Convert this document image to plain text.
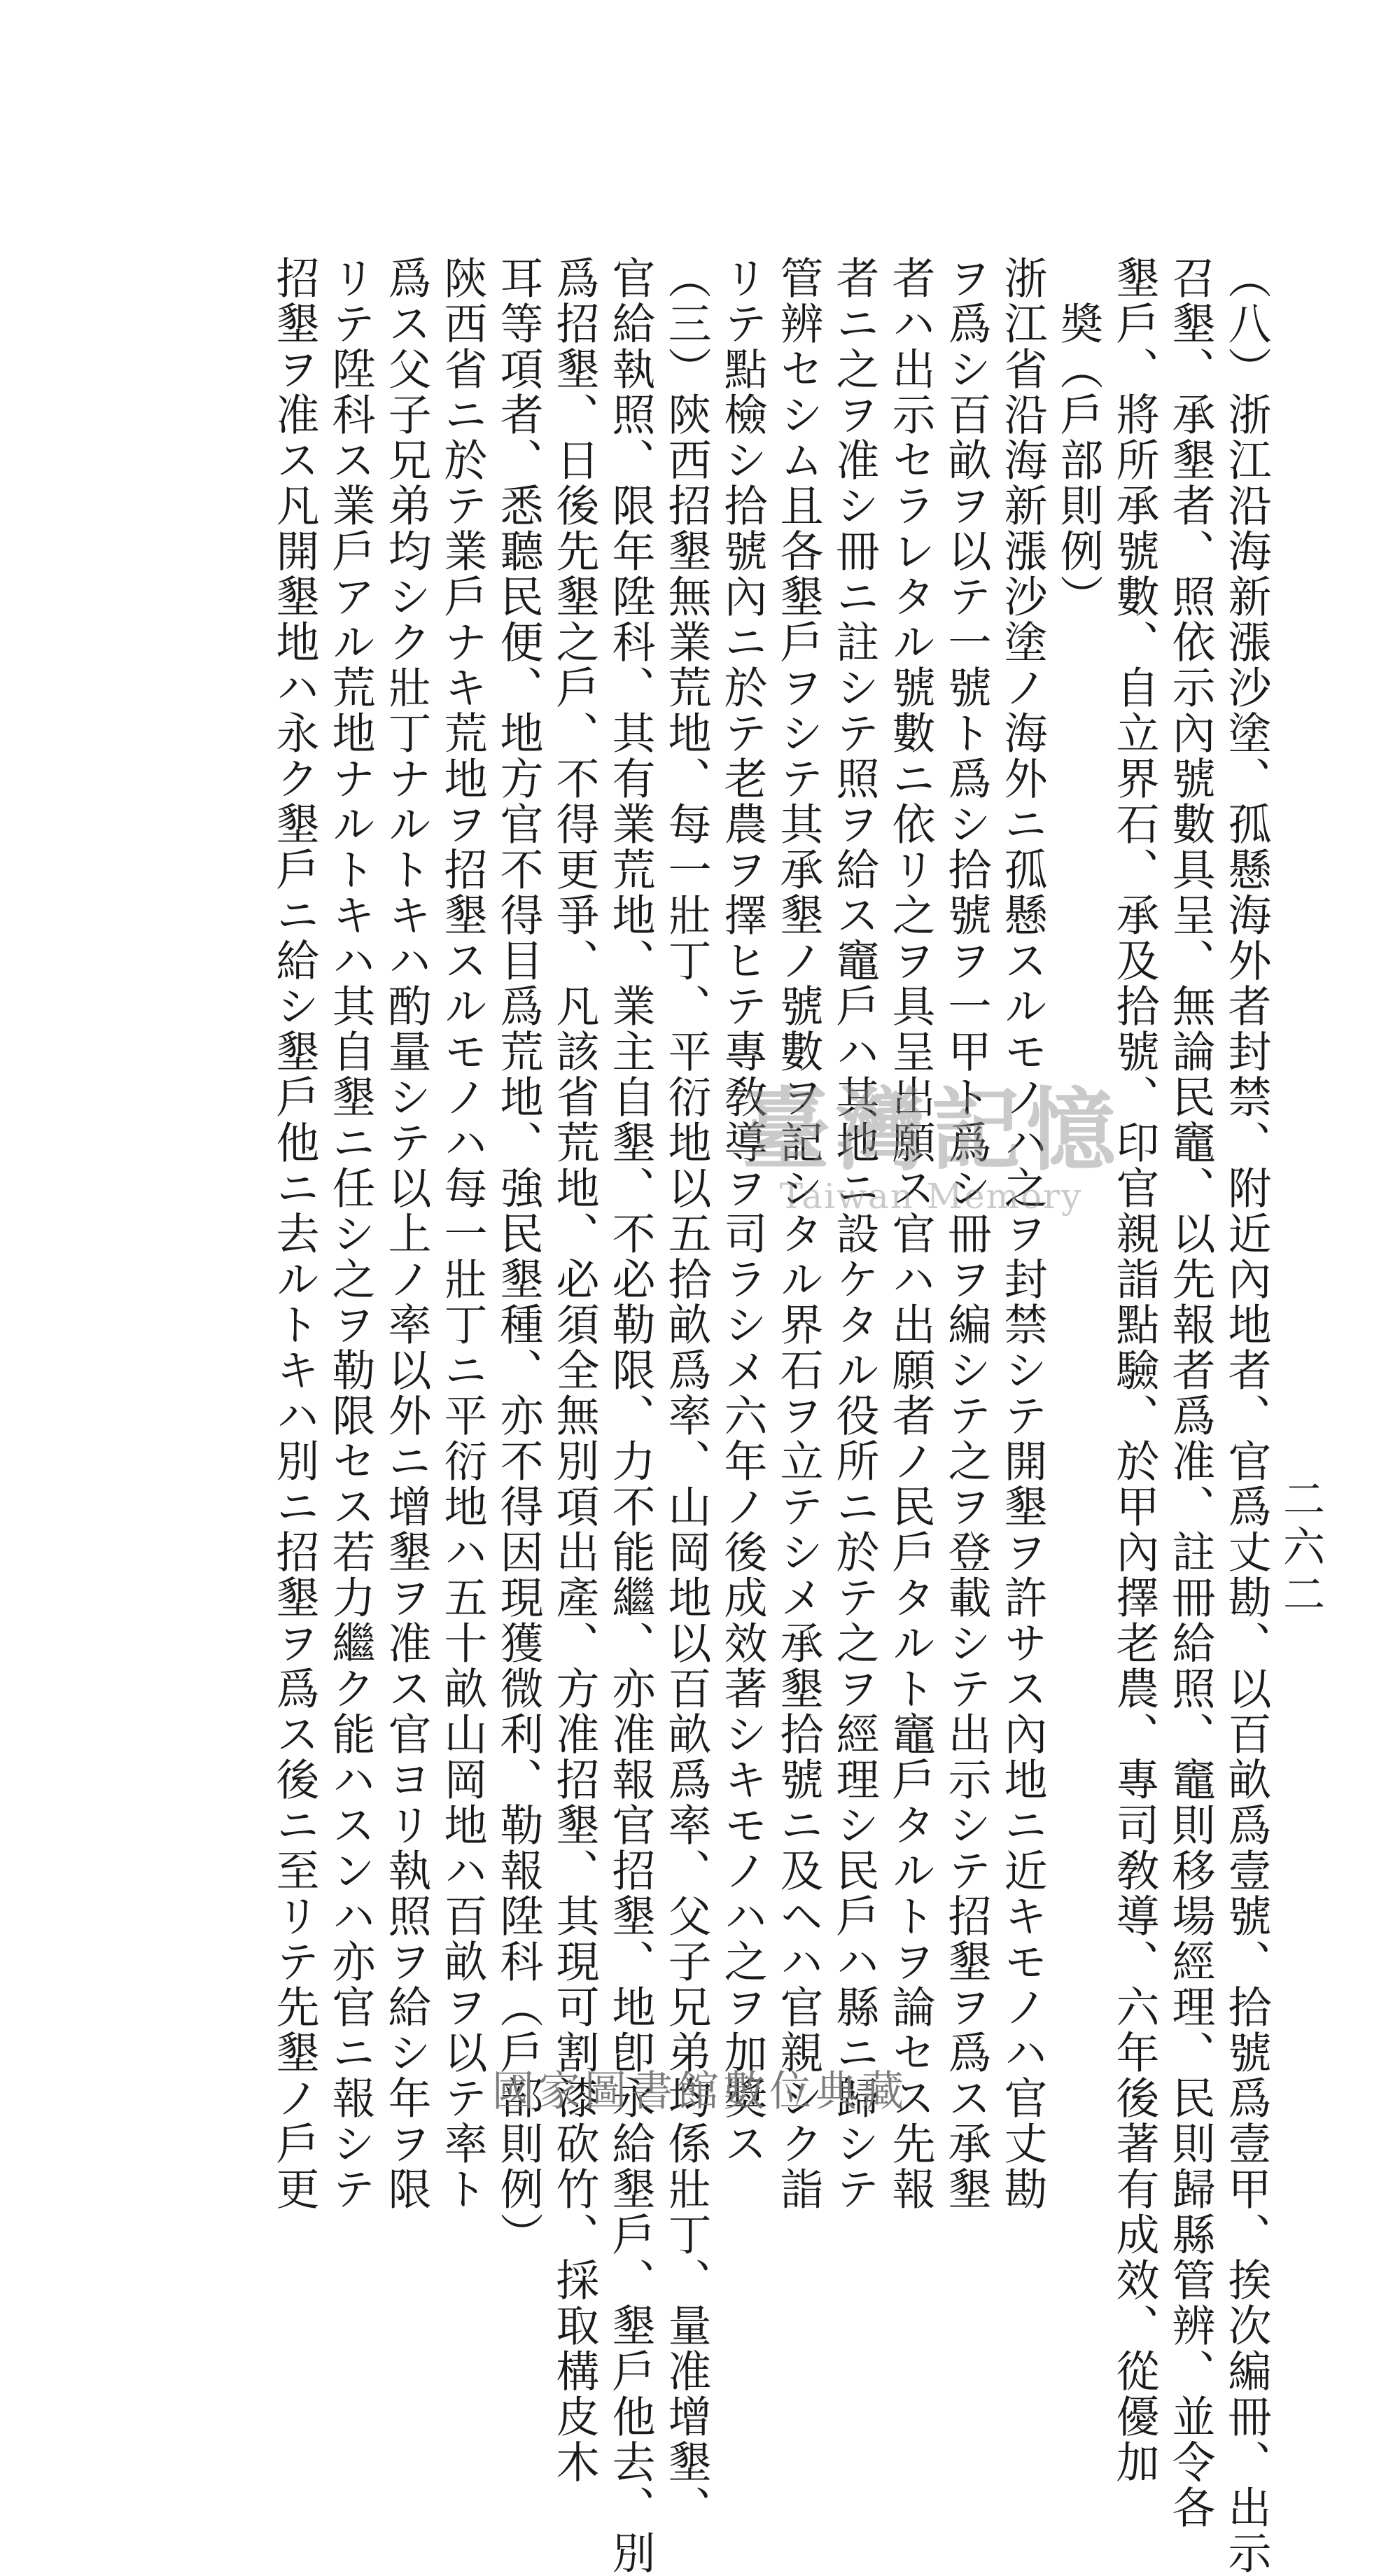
二六二
（八）浙江沿海新漲沙塗、孤懸海外者封禁、附近內地者、官爲丈勘、以百畝爲壹號、拾號爲壹甲、挨次編冊、出示
召墾、承墾者、照依示內號數具呈、無論民竈、以先報者爲准、註冊給照、竈則移場經理、民則歸縣管辨、並令各
墾戶、將所承號數、自立界石、承及拾號、印官親詣點驗、於甲內擇老農、專司敎導、六年後著有成效、從優加
奬（戶部則例）
浙江省沿海新漲沙塗ノ海外ニ孤懸スルモノハ之ヲ封禁シテ開墾ヲ許サス內地ニ近キモノハ官丈勘
ヲ爲シ百畝ヲ以テ一號ト爲シ拾號ヲ一甲ト爲シ冊ヲ編シテ之ヲ登載シテ出示シテ招墾ヲ爲ス承墾
者ハ出示セラレタル號數ニ依リ之ヲ具呈出願ス官ハ出願者ノ民戶タルト竈戶タルトヲ論セス先報
者ニ之ヲ准シ冊ニ註シテ照ヲ給ス竈戶ハ其地ニ設ケタル役所ニ於テ之ヲ經理シ民戶ハ縣ニ歸シテ
管辨セシム且各墾戶ヲシテ其承墾ノ號數ヲ記シタル界石ヲ立テシメ承墾拾號ニ及ヘハ官親シク詣
リテ點檢シ拾號內ニ於テ老農ヲ擇ヒテ專敎導ヲ司ラシメ六年ノ後成效著シキモノハ之ヲ加獎ス
（三）陝西招墾無業荒地、每一壯丁、平衍地以五拾畝爲率、山岡地以百畝爲率、父子兄弟均係壯丁、量准增墾、
官給執照、限年陞科、其有業荒地、業主自墾、不必勒限、力不能繼、亦准報官招墾、地卽永給墾戶、墾戶他去、別
爲招墾、日後先墾之戶、不得更爭、凡該省荒地、必須全無別項出產、方准招墾、其現可割漆砍竹、採取構皮木
耳等項者、悉聽民便、地方官不得目爲荒地、強民墾種、亦不得因現獲微利、勒報陞科（戶部則例）
陝西省ニ於テ業戶ナキ荒地ヲ招墾スルモノハ每一壯丁ニ平衍地ハ五十畝山岡地ハ百畝ヲ以テ率ト
爲ス父子兄弟均シク壯丁ナルトキハ酌量シテ以上ノ率以外ニ增墾ヲ准ス官ヨリ執照ヲ給シ年ヲ限
リテ陞科ス業戶アル荒地ナルトキハ其自墾ニ任シ之ヲ勒限セス若力繼ク能ハスンハ亦官ニ報シテ
招墾ヲ准ス凡開墾地ハ永ク墾戶ニ給シ墾戶他ニ去ルトキハ別ニ招墾ヲ爲ス後ニ至リテ先墾ノ戶更	臺灣記憶
Taiwan Memory
國家圖書館數位典藏
